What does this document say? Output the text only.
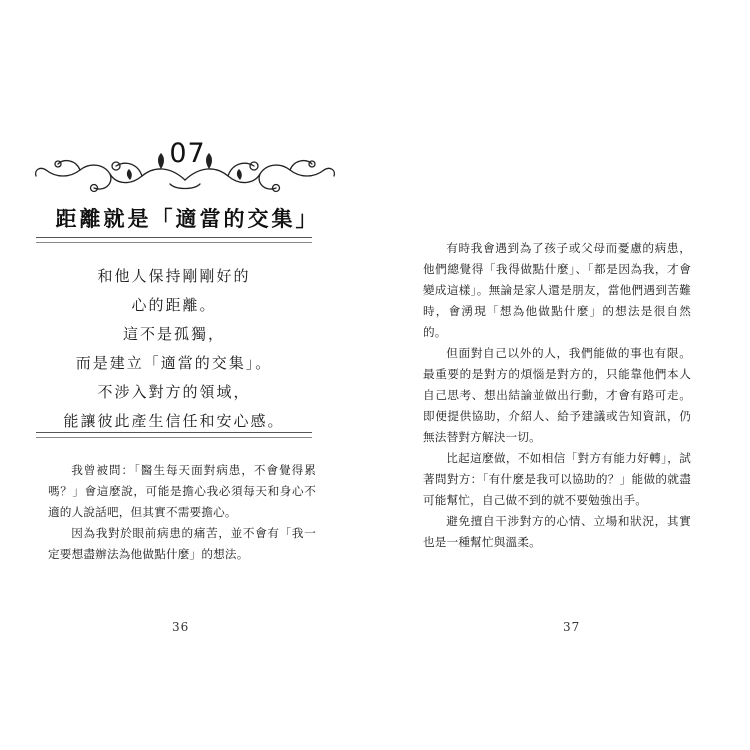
07
距離就是「適當的交集」
和他人保持剛剛好的
心的距離。
這不是孤獨，
而是建立「適當的交集」。
不涉入對方的領域，
能讓彼此產生信任和安心感。

我曾被問：「醫生每天面對病患，不會覺得累嗎？」會這麼說，可能是擔心我必須每天和身心不適的人說話吧，但其實不需要擔心。

因為我對於眼前病患的痛苦，並不會有「我一定要想盡辦法為他做點什麼」的想法。

36

有時我會遇到為了孩子或父母而憂慮的病患，他們總覺得「我得做點什麼」、「都是因為我，才會變成這樣」。無論是家人還是朋友，當他們遇到苦難時，會湧現「想為他做點什麼」的想法是很自然的。

但面對自己以外的人，我們能做的事也有限。最重要的是對方的煩惱是對方的，只能靠他們本人自己思考、想出結論並做出行動，才會有路可走。即便提供協助，介紹人、給予建議或告知資訊，仍無法替對方解決一切。

比起這麼做，不如相信「對方有能力好轉」，試著問對方：「有什麼是我可以協助的？」能做的就盡可能幫忙，自己做不到的就不要勉強出手。

避免擅自干涉對方的心情、立場和狀況，其實也是一種幫忙與溫柔。

37
